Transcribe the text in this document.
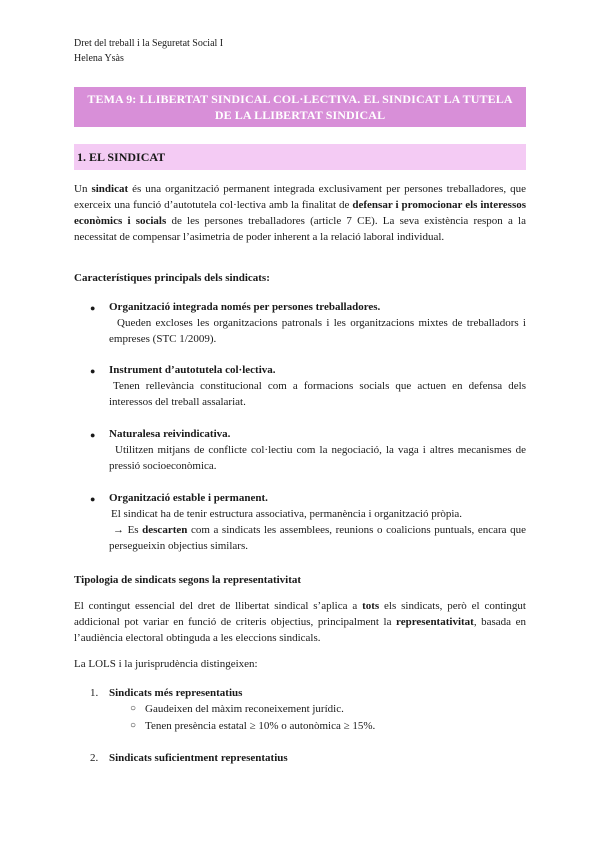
Dret del treball i la Seguretat Social I
Helena Ysàs
TEMA 9: LLIBERTAT SINDICAL COL·LECTIVA. EL SINDICAT LA TUTELA
DE LA LLIBERTAT SINDICAL
1. EL SINDICAT
Un sindicat és una organització permanent integrada exclusivament per persones treballadores, que exerceix una funció d’autotutela col·lectiva amb la finalitat de defensar i promocionar els interessos econòmics i socials de les persones treballadores (article 7 CE). La seva existència respon a la necessitat de compensar l’asimetria de poder inherent a la relació laboral individual.
Característiques principals dels sindicats:
● Organització integrada només per persones treballadores.
Queden excloses les organitzacions patronals i les organitzacions mixtes de treballadors i empreses (STC 1/2009).
● Instrument d’autotutela col·lectiva.
Tenen rellevància constitucional com a formacions socials que actuen en defensa dels interessos del treball assalariat.
● Naturalesa reivindicativa.
Utilitzen mitjans de conflicte col·lectiu com la negociació, la vaga i altres mecanismes de pressió socioeconòmica.
● Organització estable i permanent.
El sindicat ha de tenir estructura associativa, permanència i organització pròpia.
→ Es descarten com a sindicats les assemblees, reunions o coalicions puntuals, encara que persegueixin objectius similars.
Tipologia de sindicats segons la representativitat
El contingut essencial del dret de llibertat sindical s’aplica a tots els sindicats, però el contingut addicional pot variar en funció de criteris objectius, principalment la representativitat, basada en l’audiència electoral obtinguda a les eleccions sindicals.
La LOLS i la jurisprudència distingeixen:
1. Sindicats més representatius
○ Gaudeixen del màxim reconeixement jurídic.
○ Tenen presència estatal ≥ 10% o autonòmica ≥ 15%.
2. Sindicats suficientment representatius
